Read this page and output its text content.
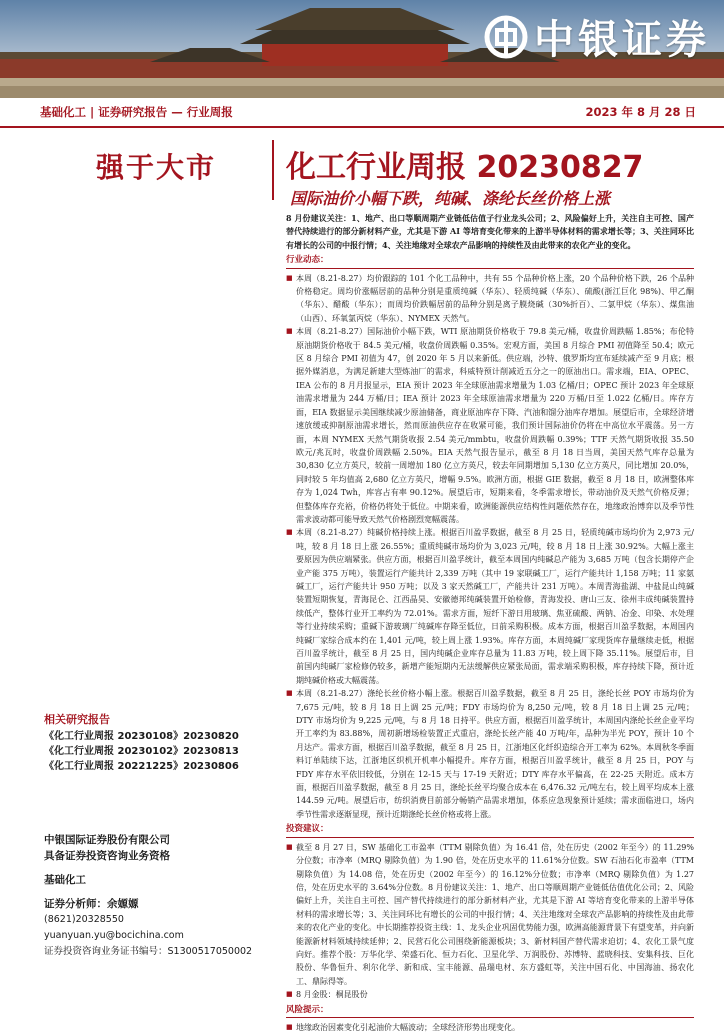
中银证券
基础化工 | 证券研究报告 — 行业周报	2023 年 8 月 28 日
强于大市 化工行业周报 20230827
国际油价小幅下跌，纯碱、涤纶长丝价格上涨

8 月份建议关注：1、地产、出口等顺周期产业链低估值子行业龙头公司；2、风险偏好上升，关注自主可控、国产替代持续进行的部分新材料产业，尤其是下游 AI 等培育变化带来的上游半导体材料的需求增长等；3、关注同环比有增长的公司的中报行情；4、关注地缘对全球农产品影响的持续性及由此带来的农化产业的变化。

行业动态：
■ 本周（8.21-8.27）均价跟踪的 101 个化工品种中，共有 55 个品种价格上涨，20 个品种价格下跌，26 个品种价格稳定。周均价涨幅居前的品种分别是重质纯碱（华东）、轻质纯碱（华东）、硫酸(浙江巨化 98%)、甲乙酮（华东）、醋酸（华东）；而周均价跌幅居前的品种分别是离子膜烧碱（30%折百）、二氯甲烷（华东）、煤焦油（山西）、环氧氯丙烷（华东）、NYMEX 天然气。
■ 本周（8.21-8.27）国际油价小幅下跌，WTI 原油期货价格收于 79.8 美元/桶，收盘价周跌幅 1.85%；布伦特原油期货价格收于 84.5 美元/桶，收盘价周跌幅 0.35%。宏观方面，美国 8 月综合 PMI 初值降至 50.4；欧元区 8 月综合 PMI 初值为 47，创 2020 年 5 月以来新低。供应端，沙特、俄罗斯均宣布延续减产至 9 月底；根据外媒消息，为满足新建大型炼油厂的需求，科威特预计削减近五分之一的原油出口。需求端，EIA、OPEC、IEA 公布的 8 月月报显示，EIA 预计 2023 年全球原油需求增量为 1.03 亿桶/日；OPEC 预计 2023 年全球原油需求增量为 244 万桶/日；IEA 预计 2023 年全球原油需求增量为 220 万桶/日至 1.022 亿桶/日。库存方面，EIA 数据显示美国继续减少原油储备，商业原油库存下降、汽油和馏分油库存增加。展望后市，全球经济增速放缓或抑制原油需求增长，然而原油供应存在收紧可能，我们预计国际油价仍将在中高位水平震荡。另一方面，本周 NYMEX 天然气期货收报 2.54 美元/mmbtu，收盘价周跌幅 0.39%；TTF 天然气期货收报 35.50 欧元/兆瓦时，收盘价周跌幅 2.50%。EIA 天然气报告显示，截至 8 月 18 日当周，美国天然气库存总量为 30,830 亿立方英尺，较前一周增加 180 亿立方英尺，较去年同期增加 5,130 亿立方英尺，同比增加 20.0%，同时较 5 年均值高 2,680 亿立方英尺，增幅 9.5%。欧洲方面，根据 GIE 数据，截至 8 月 18 日，欧洲整体库存为 1,024 Twh，库容占有率 90.12%。展望后市，短期来看，冬季需求增长，带动油价及天然气价格反弹；但整体库存充裕，价格仍将处于低位。中期来看，欧洲能源供应结构性问题依然存在，地缘政治博弈以及季节性需求波动都可能导致天然气价格剧烈宽幅震荡。
■ 本周（8.21-8.27）纯碱价格持续上涨。根据百川盈孚数据，截至 8 月 25 日，轻质纯碱市场均价为 2,973 元/吨，较 8 月 18 日上涨 26.55%；重质纯碱市场均价为 3,023 元/吨，较 8 月 18 日上涨 30.92%。大幅上涨主要原因为供应端紧张。供应方面，根据百川盈孚统计，截至本周国内纯碱总产能为 3,685 万吨（包含长期停产企业产能 375 万吨），装置运行产能共计 2,339 万吨（其中 19 家联碱工厂，运行产能共计 1,158 万吨；11 家氨碱工厂，运行产能共计 950 万吨；以及 3 家天然碱工厂，产能共计 231 万吨）。本周青海盐湖、中盐昆山纯碱装置短期恢复，青海昆仑、江西晶昊、安徽德邦纯碱装置开始检修，青海发投、唐山三友、徐州丰成纯碱装置持续低产，整体行业开工率约为 72.01%。需求方面，短纤下游日用玻璃、焦亚硫酸、两钠、冶金、印染、水处理等行业持续采购；重碱下游玻璃厂纯碱库存降至低位，日前采购积极。成本方面，根据百川盈孚数据，本周国内纯碱厂家综合成本约在 1,401 元/吨，较上周上涨 1.93%。库存方面，本周纯碱厂家现货库存量继续走低，根据百川盈孚统计，截至 8 月 25 日，国内纯碱企业库存总量为 11.83 万吨，较上周下降 35.11%。展望后市，目前国内纯碱厂家检修仍较多，新增产能短期内无法缓解供应紧张局面，需求端采购积极，库存持续下降，预计近期纯碱价格或大幅震荡。
■ 本周（8.21-8.27）涤纶长丝价格小幅上涨。根据百川盈孚数据，截至 8 月 25 日，涤纶长丝 POY 市场均价为 7,675 元/吨，较 8 月 18 日上调 25 元/吨；FDY 市场均价为 8,250 元/吨，较 8 月 18 日上调 25 元/吨；DTY 市场均价为 9,225 元/吨，与 8 月 18 日持平。供应方面，根据百川盈孚统计，本周国内涤纶长丝企业平均开工率约为 83.88%，周初新增场检装置正式重启，涤纶长丝产能 40 万吨/年，品种为半光 POY，预计 10 个月达产。需求方面，根据百川盈孚数据，截至 8 月 25 日，江浙地区化纤织造综合开工率为 62%。本周秋冬季面料订单陆续下达，江浙地区织机开机率小幅提升。库存方面，根据百川盈孚统计，截至 8 月 25 日，POY 与 FDY 库存水平依旧较低，分别在 12-15 天与 17-19 天附近；DTY 库存水平偏高，在 22-25 天附近。成本方面，根据百川盈孚数据，截至 8 月 25 日，涤纶长丝平均聚合成本在 6,476.32 元/吨左右，较上周平均成本上涨 144.59 元/吨。展望后市，纺织消费目前部分畅销产品需求增加，体系应急现象预计延续；需求面临进口，场内季节性需求逐渐显现，预计近期涤纶长丝价格或将上涨。
投资建议：
■ 截至 8 月 27 日，SW 基础化工市盈率（TTM 剔除负值）为 16.41 倍，处在历史（2002 年至今）的 11.29%分位数；市净率（MRQ 剔除负值）为 1.90 倍，处在历史水平的 11.61%分位数。SW 石油石化市盈率（TTM 剔除负值）为 14.08 倍，处在历史（2002 年至今）的 16.12%分位数；市净率（MRQ 剔除负值）为 1.27 倍，处在历史水平的 3.64%分位数。8 月份建议关注：1、地产、出口等顺周期产业链低估值优化公司；2、风险偏好上升，关注自主可控、国产替代持续进行的部分新材料产业，尤其是下游 AI 等培育变化带来的上游半导体材料的需求增长等；3、关注同环比有增长的公司的中报行情；4、关注地缘对全球农产品影响的持续性及由此带来的农化产业的变化。中长期推荐投资主线：1、龙头企业巩固优势能力强，欧洲高能源背景下有望变革，并向新能源新材料领域持续延伸；2、民营石化公司围绕新能源板块；3、新材料国产替代需求迫切；4、农化工景气度向好。推荐个股：万华化学、荣盛石化、恒力石化、卫星化学、万润股份、苏博特、蓝晓科技、安集科技、巨化股份、华鲁恒升、利尔化学、新和成、宝丰能源、晶瑞电材、东方盛虹等，关注中国石化、中国海油、扬农化工、鼎际得等。
■ 8 月金股：桐昆股份
风险提示：
■ 地缘政治因素变化引起油价大幅波动；全球经济形势出现变化。
相关研究报告
《化工行业周报 20230108》20230820
《化工行业周报 20230102》20230813
《化工行业周报 20221225》20230806
中银国际证券股份有限公司
具备证券投资咨询业务资格
基础化工
证券分析师：余嫄嫄
(8621)20328550
yuanyuan.yu@bocichina.com
证券投资咨询业务证书编号：S1300517050002
